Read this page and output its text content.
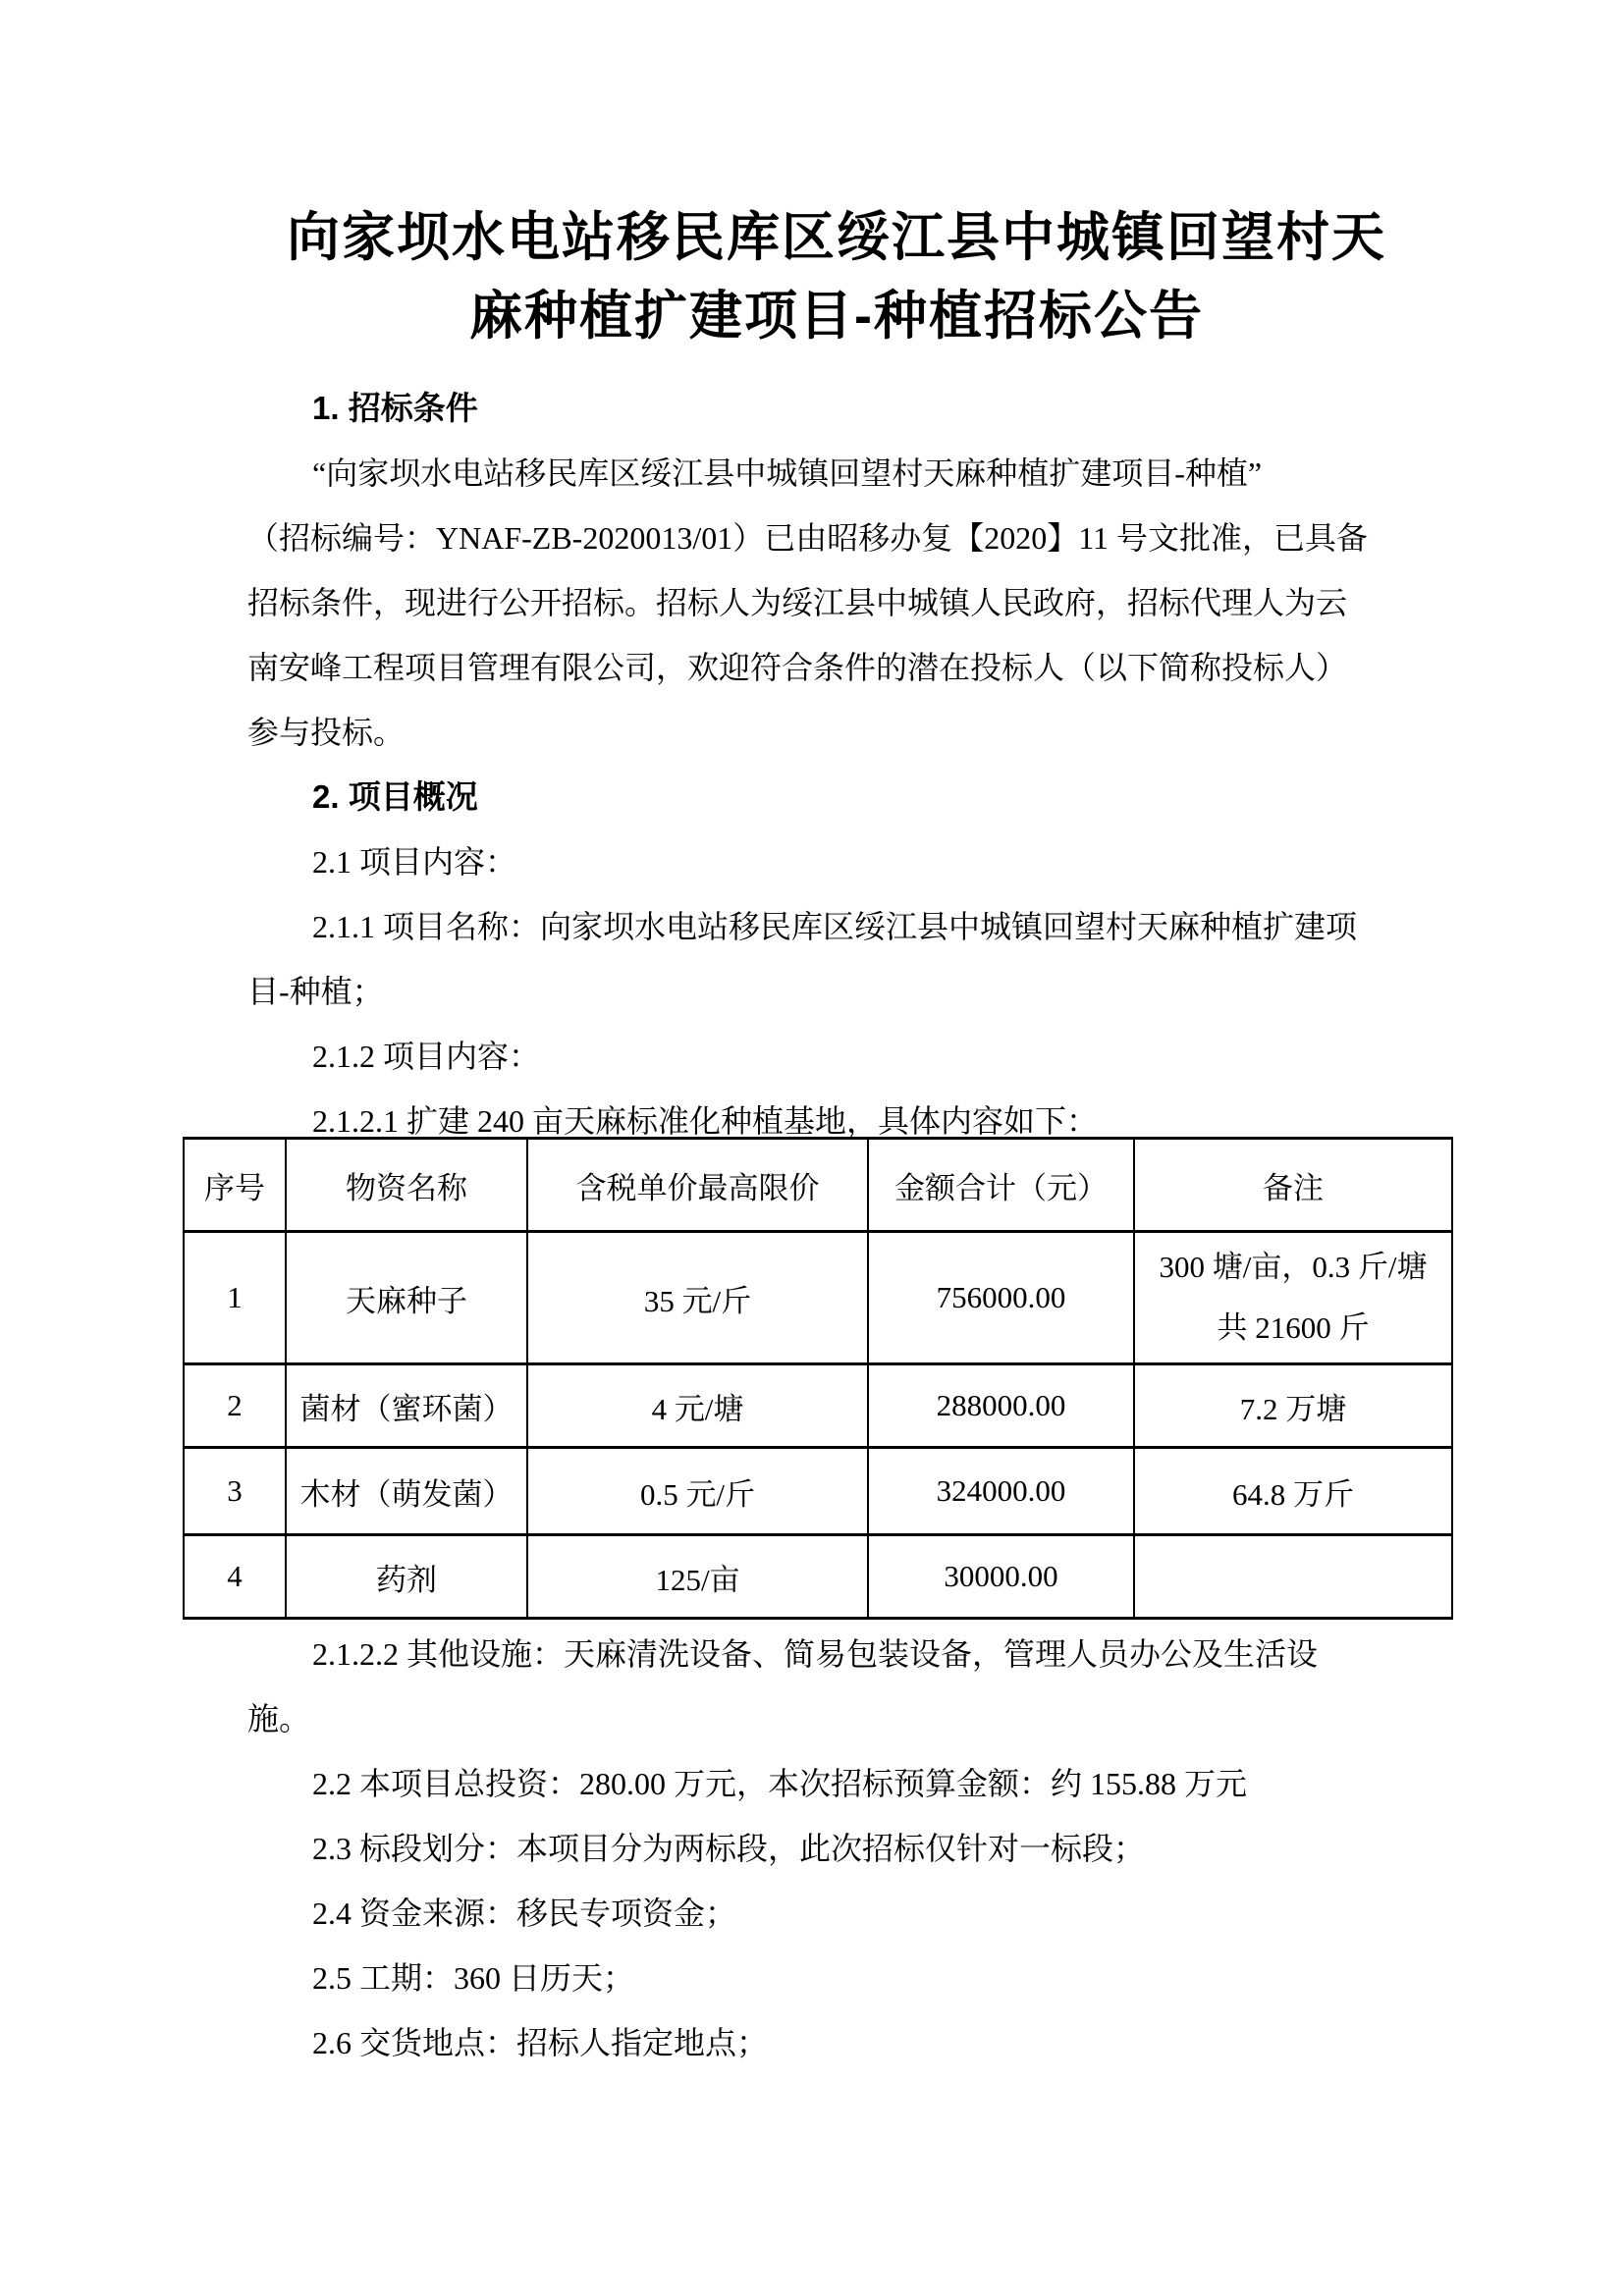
向家坝水电站移民库区绥江县中城镇回望村天
麻种植扩建项目-种植招标公告
1. 招标条件
“向家坝水电站移民库区绥江县中城镇回望村天麻种植扩建项目-种植”
（招标编号：YNAF-ZB-2020013/01）已由昭移办复【2020】11 号文批准，已具备
招标条件，现进行公开招标。招标人为绥江县中城镇人民政府，招标代理人为云
南安峰工程项目管理有限公司，欢迎符合条件的潜在投标人（以下简称投标人）
参与投标。
2. 项目概况
2.1 项目内容：
2.1.1 项目名称：向家坝水电站移民库区绥江县中城镇回望村天麻种植扩建项
目-种植；
2.1.2 项目内容：
2.1.2.1 扩建 240 亩天麻标准化种植基地，具体内容如下：
序号	物资名称	含税单价最高限价	金额合计（元）	备注
1	天麻种子	35 元/斤	756000.00	300 塘/亩，0.3 斤/塘
共 21600 斤

2	菌材（蜜环菌）	4 元/塘	288000.00	7.2 万塘
3	木材（萌发菌）	0.5 元/斤	324000.00	64.8 万斤
4	药剂	125/亩	30000.00	
2.1.2.2 其他设施：天麻清洗设备、简易包装设备，管理人员办公及生活设
施。
2.2 本项目总投资：280.00 万元，本次招标预算金额：约 155.88 万元
2.3 标段划分：本项目分为两标段，此次招标仅针对一标段；
2.4 资金来源：移民专项资金；
2.5 工期：360 日历天；
2.6 交货地点：招标人指定地点；
